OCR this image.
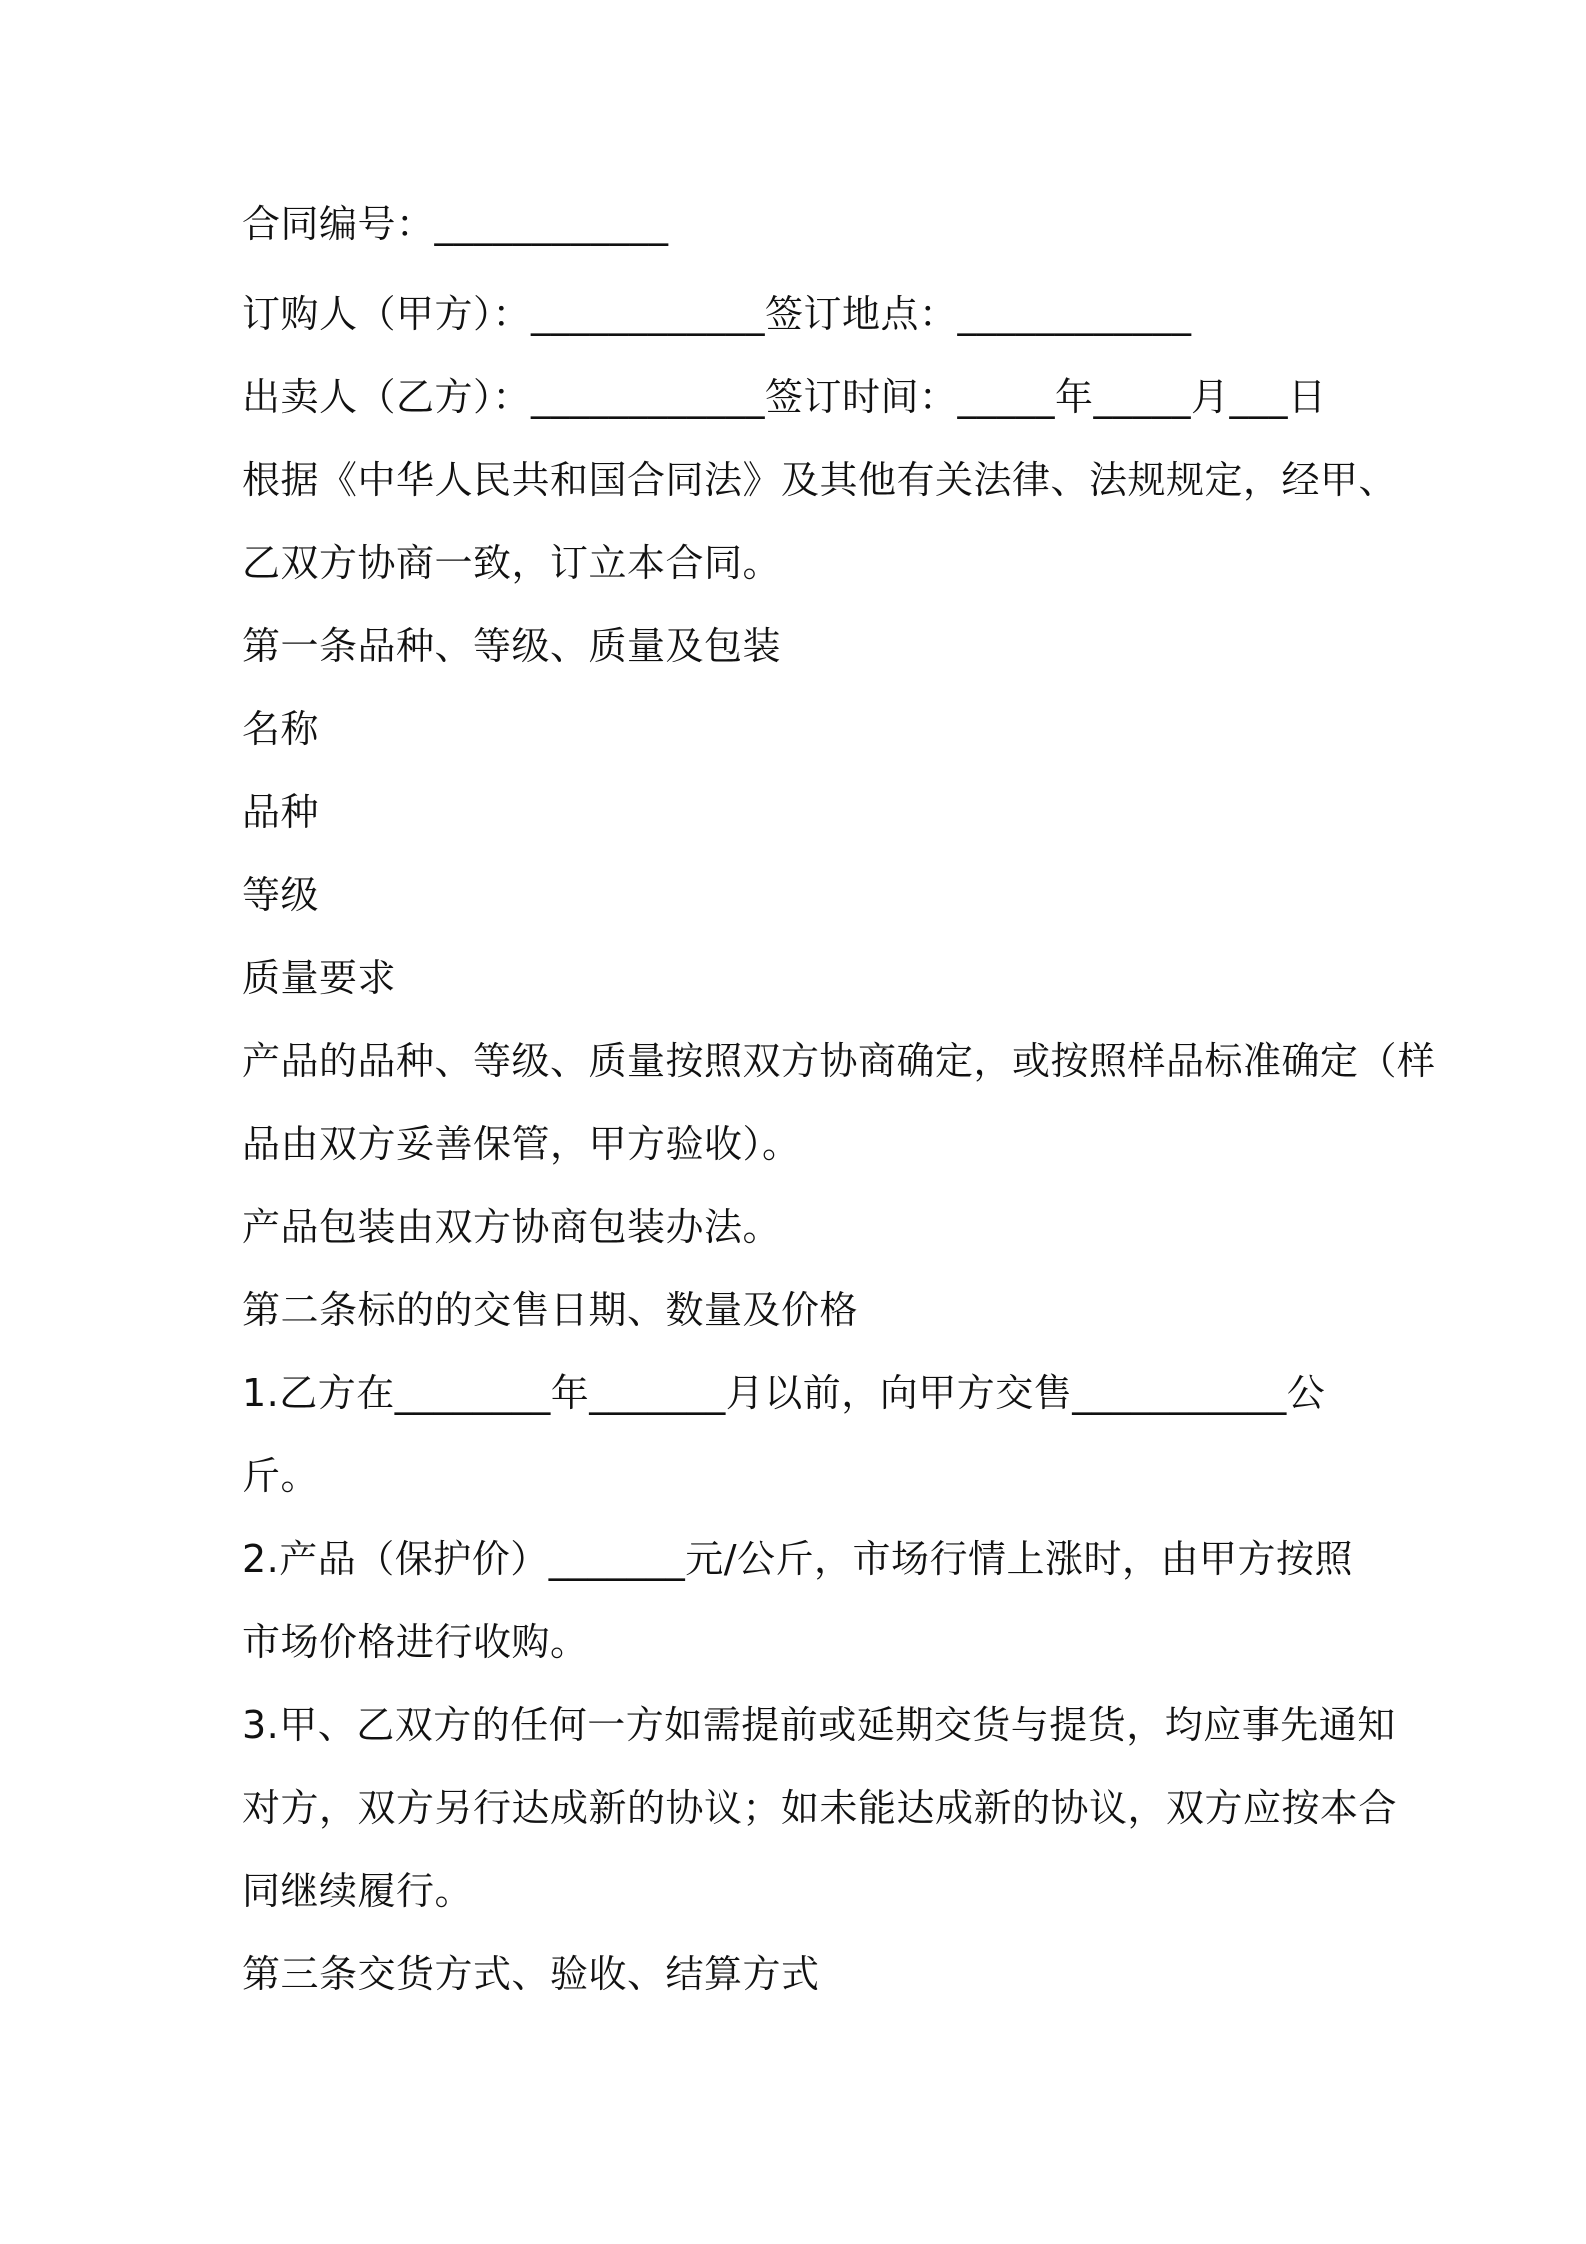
合同编号：____________
订购人（甲方）：____________签订地点：____________
出卖人（乙方）：____________签订时间：_____年_____月___日
根据《中华人民共和国合同法》及其他有关法律、法规规定，经甲、
乙双方协商一致，订立本合同。
第一条品种、等级、质量及包装
名称
品种
等级
质量要求
产品的品种、等级、质量按照双方协商确定，或按照样品标准确定（样
品由双方妥善保管，甲方验收）。
产品包装由双方协商包装办法。
第二条标的的交售日期、数量及价格
1.乙方在________年_______月以前，向甲方交售___________公
斤。
2.产品（保护价）_______元/公斤，市场行情上涨时，由甲方按照
市场价格进行收购。
3.甲、乙双方的任何一方如需提前或延期交货与提货，均应事先通知
对方，双方另行达成新的协议；如未能达成新的协议，双方应按本合
同继续履行。
第三条交货方式、验收、结算方式
